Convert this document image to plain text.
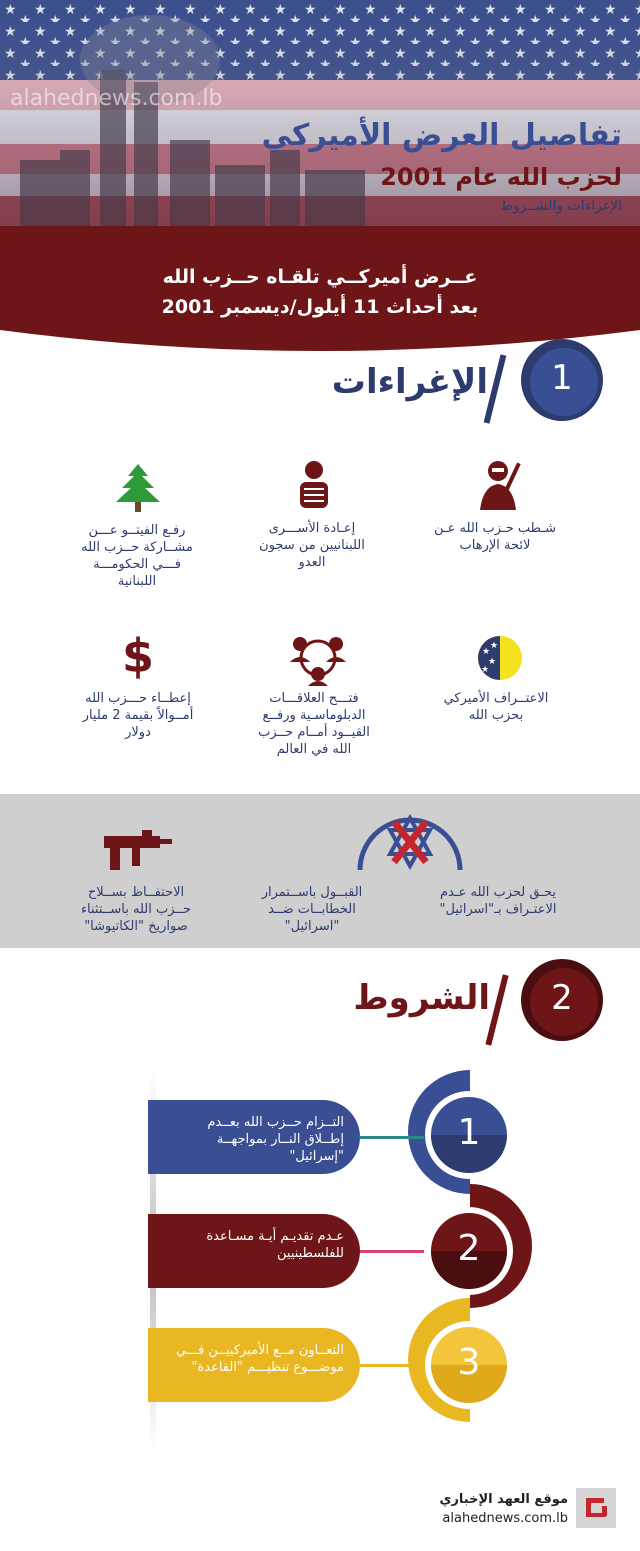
alahednews.com.lb
تفاصيل العرض الأميركي
لحزب الله عام 2001
الإغراءات والشــروط
عــرض أميركــي تلقـاه حــزب الله
بعد أحداث 11 أيلول/ديسمبر 2001
1
الإغراءات
شـطب حـزب الله عـن لائحة الإرهاب
إعـادة الأســـرى اللبنانيين من سجون العدو
رفـع الفيتــو عـــن مشــاركة حــزب الله فـــي الحكومـــة اللبنانية
★
★
★
★
$
الاعتــراف الأميركي بحزب الله
فتـــح العلاقـــات الدبلوماسـية ورفــع القيــود أمــام حــزب الله في العالم
إعطــاء حـــزب الله أمــوالاً بقيمة 2 مليار دولار
يحـق لحزب الله عـدم الاعتـراف بـ"اسرائيل"
القبــول باســتمرار الخطابــات ضــد "اسرائيل"
الاحتفــاظ بســلاح حــزب الله باســتثناء صواريخ "الكاتيوشا"
2
الشروط
1
التــزام حــزب الله بعــدم إطــلاق النــار بمواجهــة "إسرائيل"
2
عـدم تقديـم أيـة مسـاعدة للفلسطينيين
3
التعــاون مــع الأميركييــن فـــي موضـــوع تنظيـــم "القاعدة"
موقع العهد الإخباري
alahednews.com.lb
